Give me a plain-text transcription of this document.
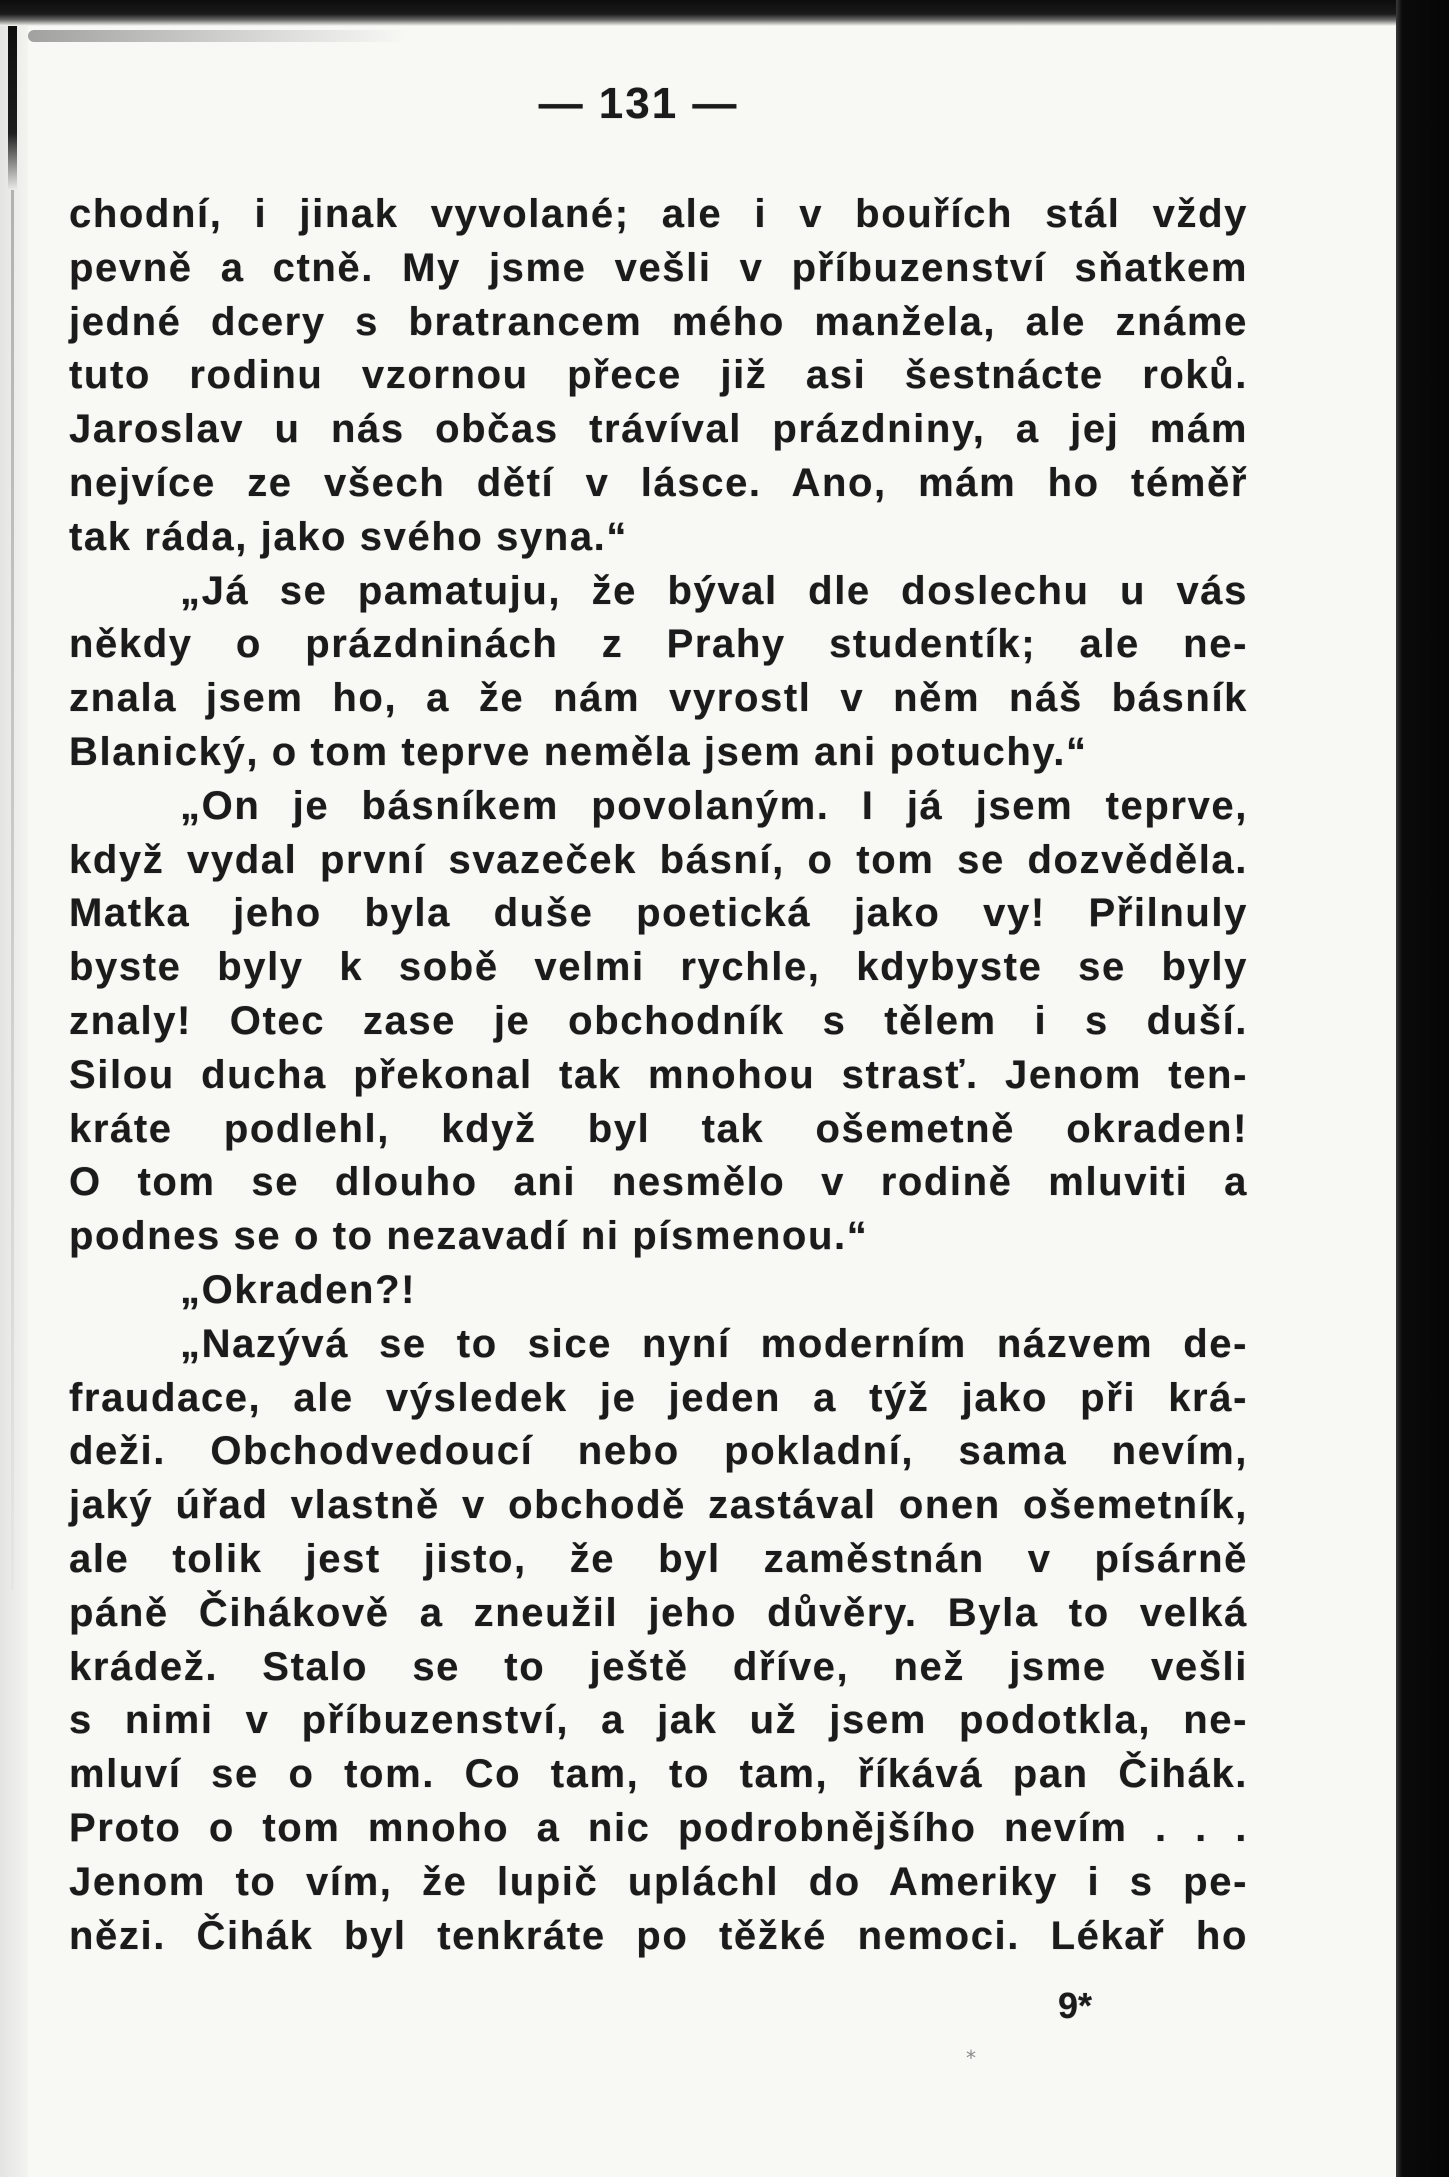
— 131 —
chodní, i jinak vyvolané; ale i v bouřích stál vždy
pevně a ctně. My jsme vešli v příbuzenství sňatkem
jedné dcery s bratrancem mého manžela, ale známe
tuto rodinu vzornou přece již asi šestnácte roků.
Jaroslav u nás občas trávíval prázdniny, a jej mám
nejvíce ze všech dětí v lásce. Ano, mám ho téměř
tak ráda, jako svého syna.“
„Já se pamatuju, že býval dle doslechu u vás
někdy o prázdninách z Prahy studentík; ale ne-
znala jsem ho, a že nám vyrostl v něm náš básník
Blanický, o tom teprve neměla jsem ani potuchy.“
„On je básníkem povolaným. I já jsem teprve,
když vydal první svazeček básní, o tom se dozvěděla.
Matka jeho byla duše poetická jako vy! Přilnuly
byste byly k sobě velmi rychle, kdybyste se byly
znaly! Otec zase je obchodník s tělem i s duší.
Silou ducha překonal tak mnohou strasť. Jenom ten-
kráte podlehl, když byl tak ošemetně okraden!
O tom se dlouho ani nesmělo v rodině mluviti a
podnes se o to nezavadí ni písmenou.“
„Okraden?!
„Nazývá se to sice nyní moderním názvem de-
fraudace, ale výsledek je jeden a týž jako při krá-
deži. Obchodvedoucí nebo pokladní, sama nevím,
jaký úřad vlastně v obchodě zastával onen ošemetník,
ale tolik jest jisto, že byl zaměstnán v písárně
páně Čihákově a zneužil jeho důvěry. Byla to velká
krádež. Stalo se to ještě dříve, než jsme vešli
s nimi v příbuzenství, a jak už jsem podotkla, ne-
mluví se o tom. Co tam, to tam, říkává pan Čihák.
Proto o tom mnoho a nic podrobnějšího nevím . . .
Jenom to vím, že lupič upláchl do Ameriky i s pe-
nězi. Čihák byl tenkráte po těžké nemoci. Lékař ho
9*
*
